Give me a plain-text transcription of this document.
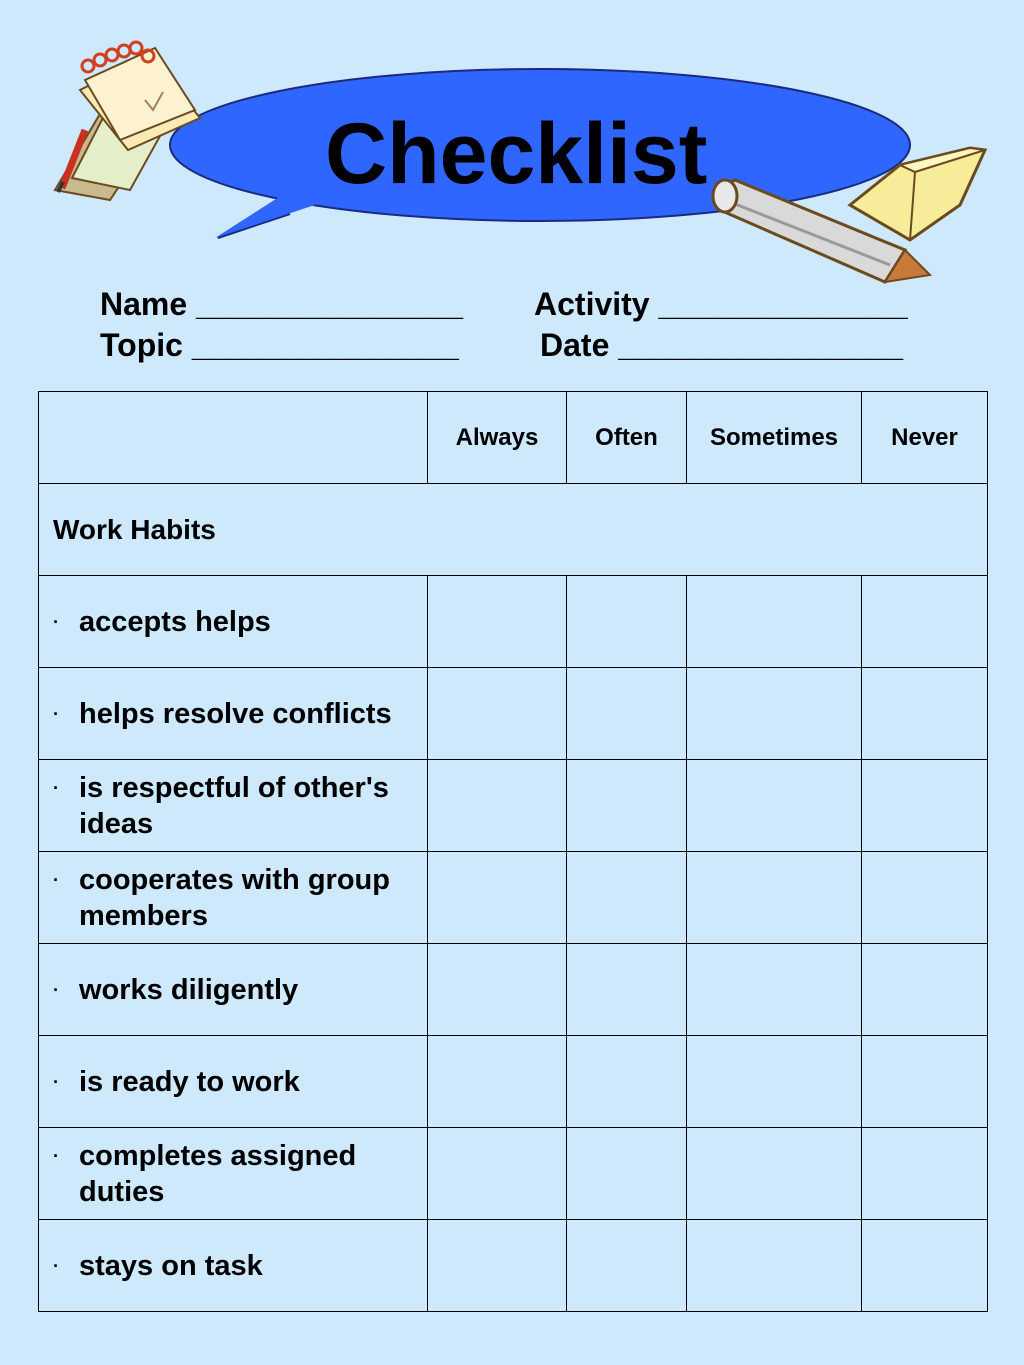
Checklist
Name _______________ Activity ______________
Topic _______________	Date ________________
	Always	Often	Sometimes	Never
Work Habits				

· accepts helps				

· helps resolve conflicts				

· is respectful of other's ideas				

· cooperates with group members				

· works diligently				

· is ready to work				

· completes assigned duties				

· stays on task				
